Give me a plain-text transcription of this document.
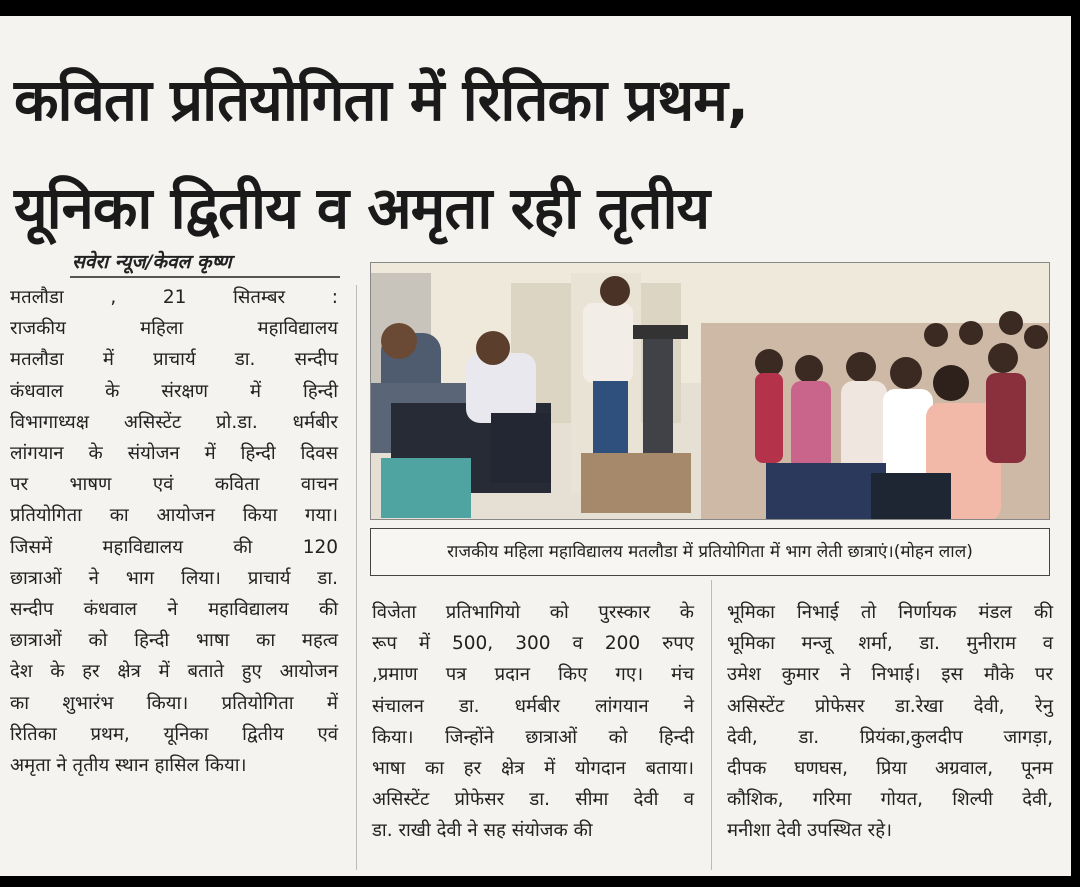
कविता प्रतियोगिता में रितिका प्रथम,
यूनिका द्वितीय व अमृता रही तृतीय
सवेरा न्यूज/केवल कृष्ण
मतलौडा , 21 सितम्बर :
राजकीय महिला महाविद्यालय
मतलौडा में प्राचार्य डा. सन्दीप
कंधवाल के संरक्षण में हिन्दी
विभागाध्यक्ष असिस्टेंट प्रो.डा. धर्मबीर
लांगयान के संयोजन में हिन्दी दिवस
पर भाषण एवं कविता वाचन
प्रतियोगिता का आयोजन किया गया।
जिसमें महाविद्यालय की 120
छात्राओं ने भाग लिया। प्राचार्य डा.
सन्दीप कंधवाल ने महाविद्यालय की
छात्राओं को हिन्दी भाषा का महत्व
देश के हर क्षेत्र में बताते हुए आयोजन
का शुभारंभ किया। प्रतियोगिता में
रितिका प्रथम, यूनिका द्वितीय एवं
अमृता ने तृतीय स्थान हासिल किया।
विजेता प्रतिभागियो को पुरस्कार के
रूप में 500, 300 व 200 रुपए
,प्रमाण पत्र प्रदान किए गए। मंच
संचालन डा. धर्मबीर लांगयान ने
किया। जिन्होंने छात्राओं को हिन्दी
भाषा का हर क्षेत्र में योगदान बताया।
असिस्टेंट प्रोफेसर डा. सीमा देवी व
डा. राखी देवी ने सह संयोजक की
भूमिका निभाई तो निर्णायक मंडल की
भूमिका मन्जू शर्मा, डा. मुनीराम व
उमेश कुमार ने निभाई। इस मौके पर
असिस्टेंट प्रोफेसर डा.रेखा देवी, रेनु
देवी, डा. प्रियंका,कुलदीप जागड़ा,
दीपक घणघस, प्रिया अग्रवाल, पूनम
कौशिक, गरिमा गोयत, शिल्पी देवी,
मनीशा देवी उपस्थित रहे।
राजकीय महिला महाविद्यालय मतलौडा में प्रतियोगिता में भाग लेती छात्राएं।(मोहन लाल)
